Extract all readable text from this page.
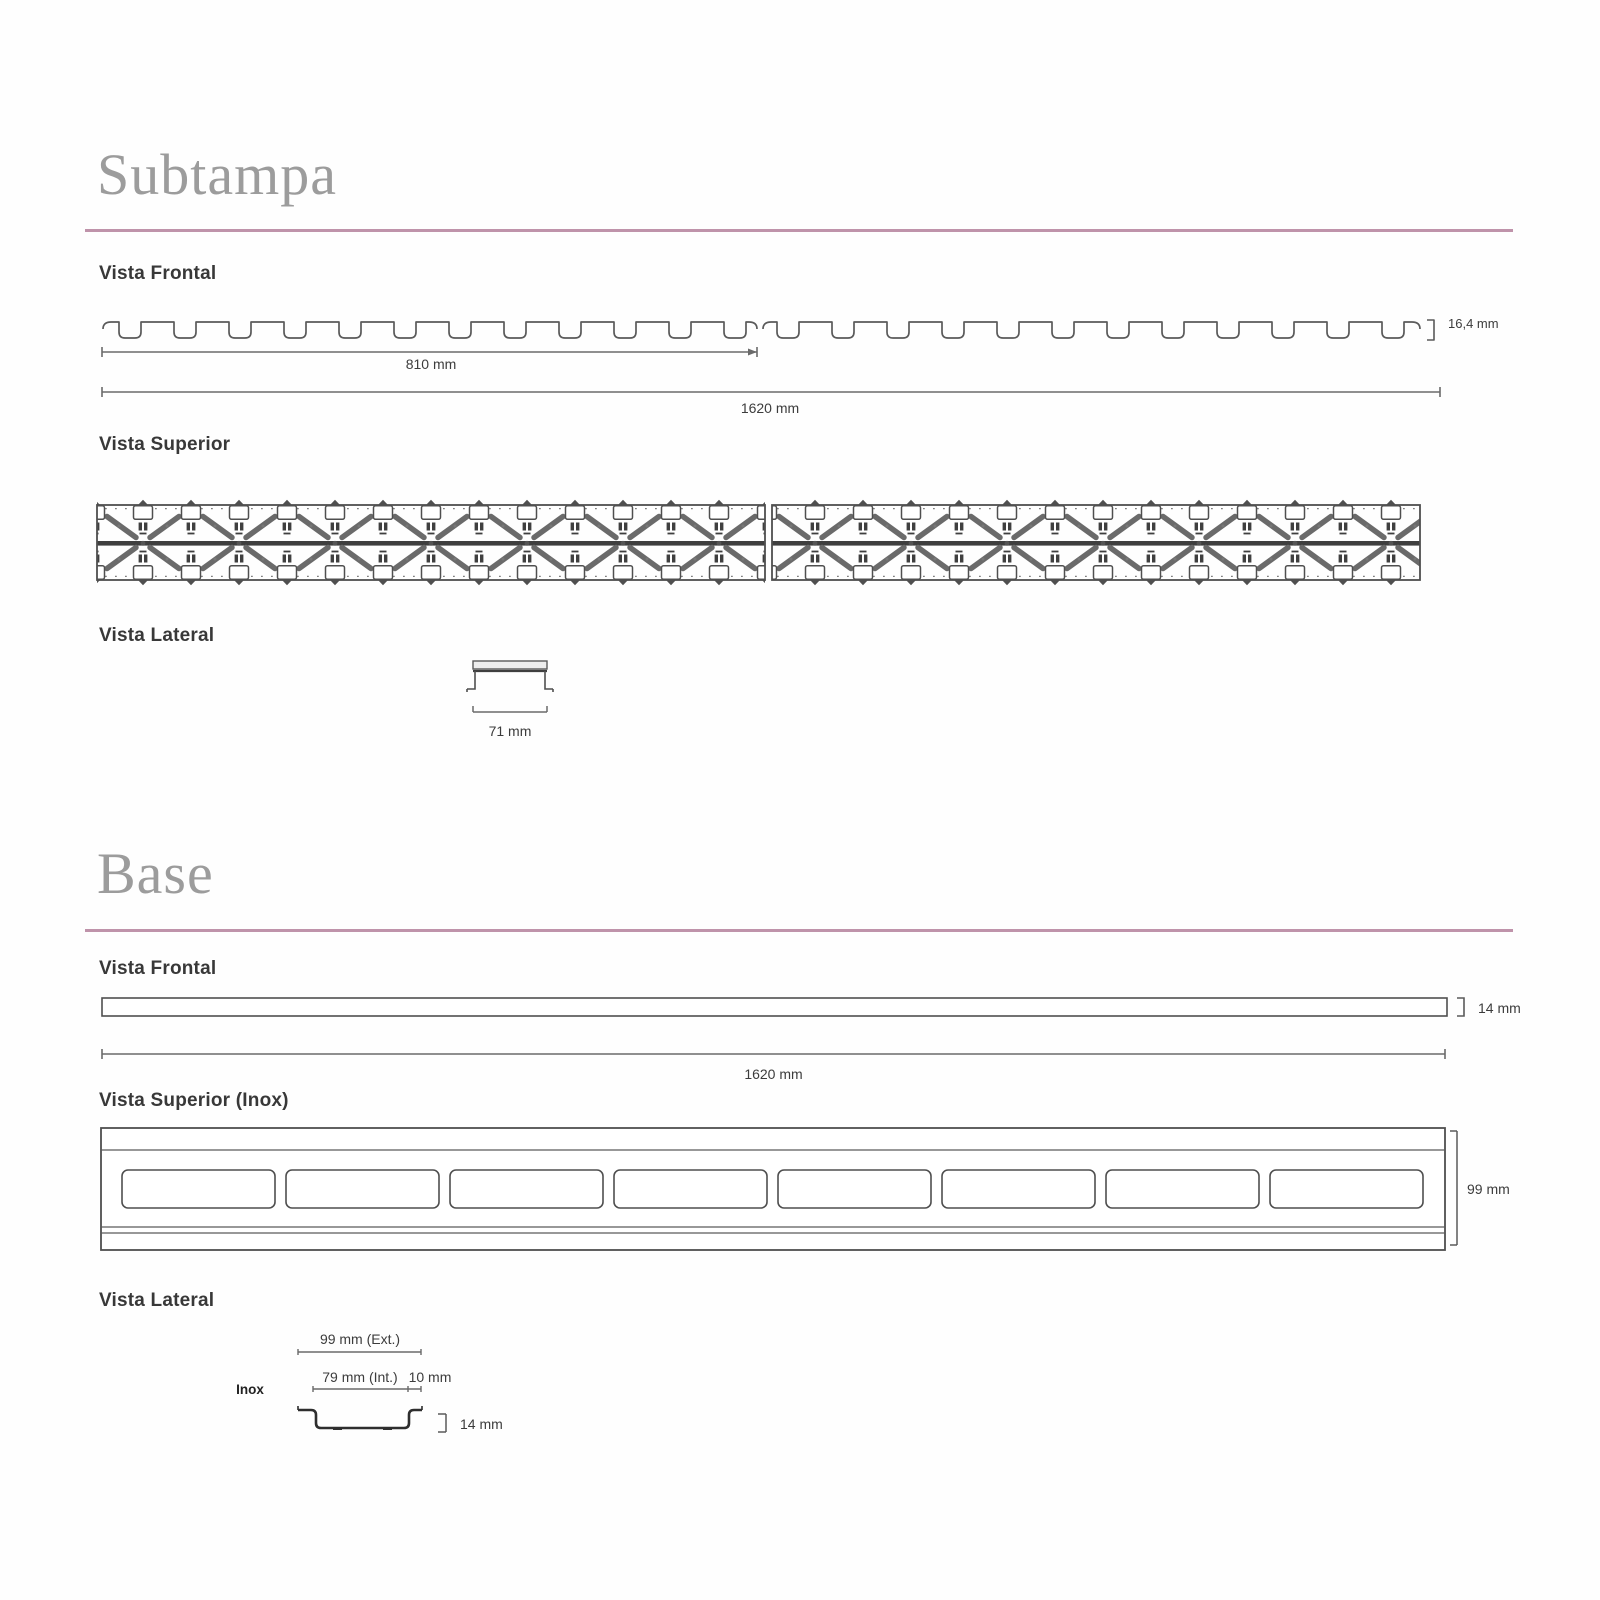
Subtampa
Vista Frontal
16,4 mm
810 mm
1620 mm
Vista Superior
Vista Lateral
71 mm
Base
Vista Frontal
14 mm
1620 mm
Vista Superior (Inox)
99 mm
Vista Lateral
99 mm (Ext.)
79 mm (Int.) 10 mm
Inox
14 mm
